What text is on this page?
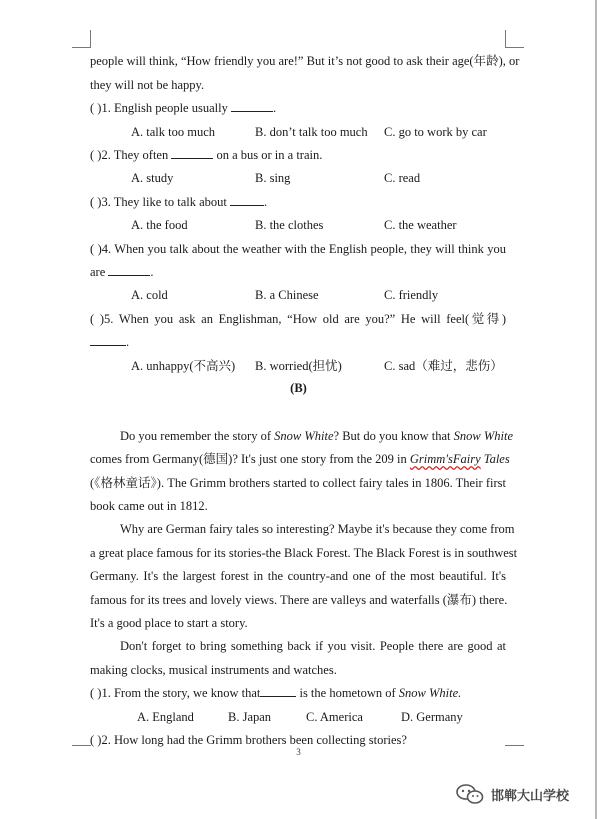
people will think, “How friendly you are!” But it’s not good to ask their age(年龄), or
they will not be happy.
( )1. English people usually	.
A. talk too much	B. don’t talk too much C. go to work by car
( )2. They often	on a bus or in a train.
A. study	B. sing	C. read
( )3. They like to talk about	.
A. the food	B. the clothes	C. the weather
( )4. When you talk about the weather with the English people, they will think you
are	.
A. cold	B. a Chinese	C. friendly
( )5. When you ask an Englishman, “How old are you?” He will feel(觉得)
.
A. unhappy(不高兴) B. worried(担忧)	C. sad（难过，悲伤）
(B)
Do you remember the story of Snow White? But do you know that Snow White
comes from Germany(德国)? It's just one story from the 209 in Grimm'sFairy Tales
(《格林童话》). The Grimm brothers started to collect fairy tales in 1806. Their first
book came out in 1812.
Why are German fairy tales so interesting? Maybe it's because they come from
a great place famous for its stories-the Black Forest. The Black Forest is in southwest
Germany. It's the largest forest in the country-and one of the most beautiful. It's
famous for its trees and lovely views. There are valleys and waterfalls (瀑布) there.
It's a good place to start a story.
Don't forget to bring something back if you visit. People there are good at
making clocks, musical instruments and watches.
( )1. From the story, we know that	is the hometown of Snow White.
A. England	B. Japan	C. America	D. Germany
( )2. How long had the Grimm brothers been collecting stories?
3
邯郸大山学校
